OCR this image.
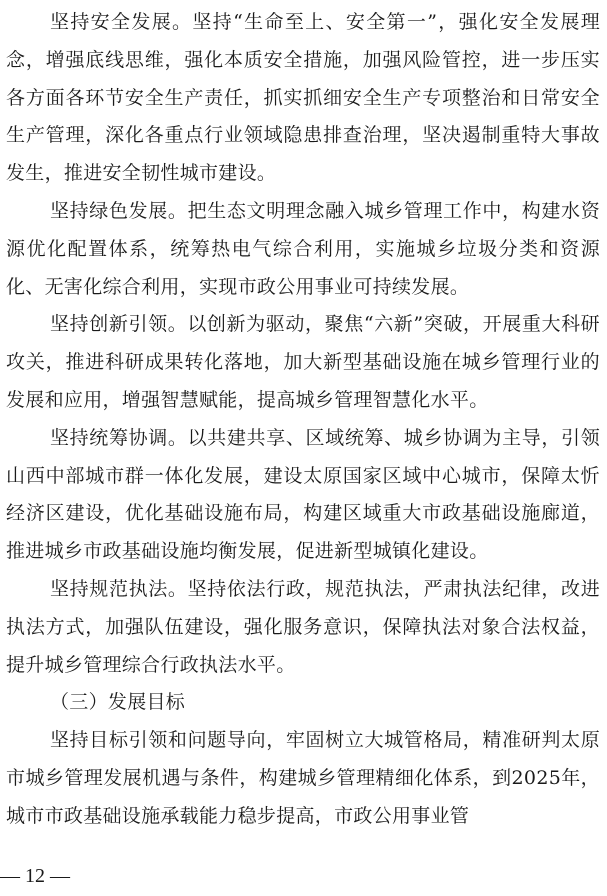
坚持安全发展。坚持“生命至上、安全第一”，强化安全发展理念，增强底线思维，强化本质安全措施，加强风险管控，进一步压实各方面各环节安全生产责任，抓实抓细安全生产专项整治和日常安全生产管理，深化各重点行业领域隐患排查治理，坚决遏制重特大事故发生，推进安全韧性城市建设。

坚持绿色发展。把生态文明理念融入城乡管理工作中，构建水资源优化配置体系，统筹热电气综合利用，实施城乡垃圾分类和资源化、无害化综合利用，实现市政公用事业可持续发展。

坚持创新引领。以创新为驱动，聚焦“六新”突破，开展重大科研攻关，推进科研成果转化落地，加大新型基础设施在城乡管理行业的发展和应用，增强智慧赋能，提高城乡管理智慧化水平。

坚持统筹协调。以共建共享、区域统筹、城乡协调为主导，引领山西中部城市群一体化发展，建设太原国家区域中心城市，保障太忻经济区建设，优化基础设施布局，构建区域重大市政基础设施廊道，推进城乡市政基础设施均衡发展，促进新型城镇化建设。

坚持规范执法。坚持依法行政，规范执法，严肃执法纪律，改进执法方式，加强队伍建设，强化服务意识，保障执法对象合法权益，提升城乡管理综合行政执法水平。

（三）发展目标

坚持目标引领和问题导向，牢固树立大城管格局，精准研判太原市城乡管理发展机遇与条件，构建城乡管理精细化体系，到2025年，城市市政基础设施承载能力稳步提高，市政公用事业管

— 12 —
